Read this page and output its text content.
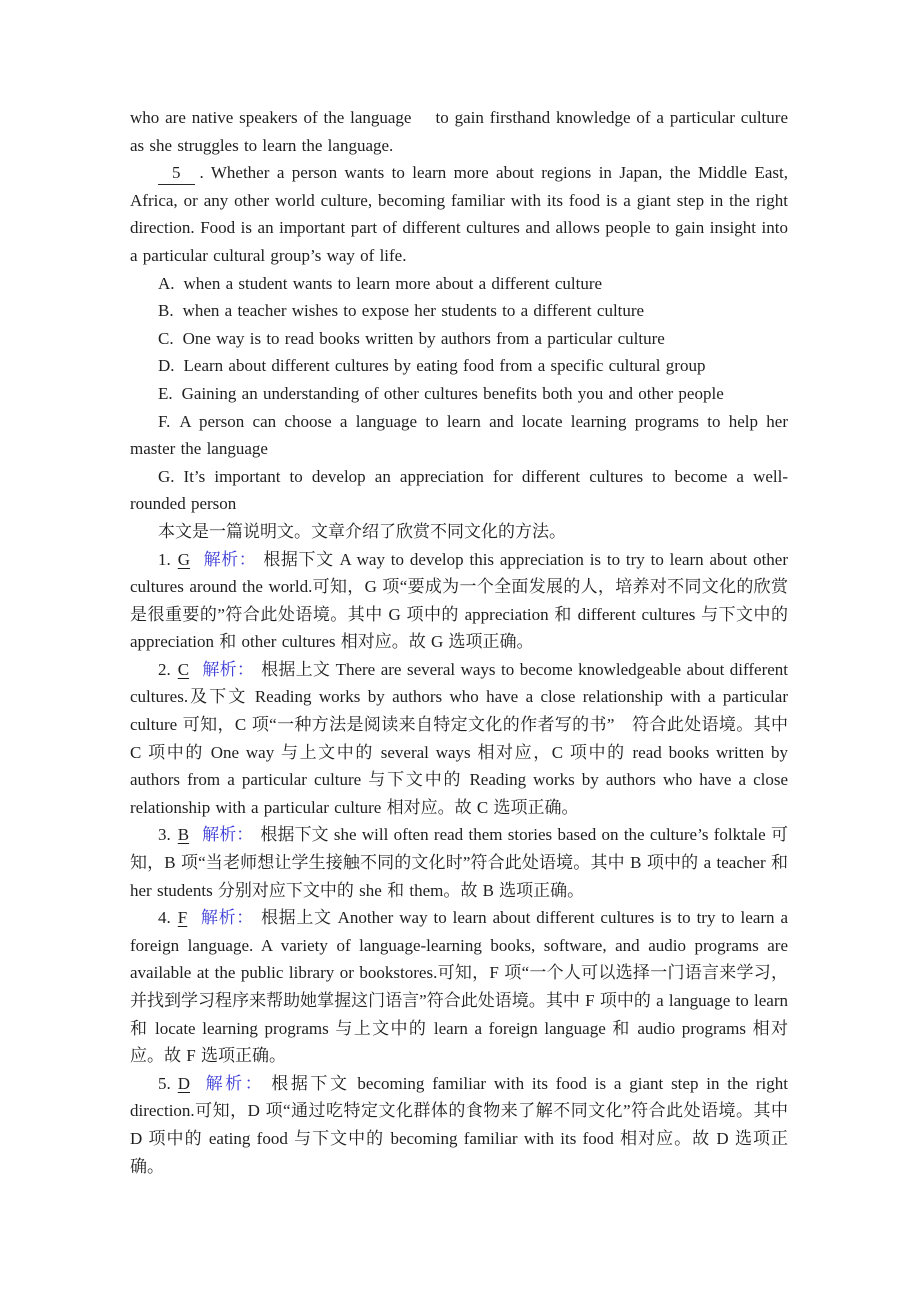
who are native speakers of the language　 to gain firsthand knowledge of a particular culture as she struggles to learn the language.

5 . Whether a person wants to learn more about regions in Japan, the Middle East, Africa, or any other world culture, becoming familiar with its food is a giant step in the right direction. Food is an important part of different cultures and allows people to gain insight into a particular cultural group’s way of life.

A. when a student wants to learn more about a different culture

B. when a teacher wishes to expose her students to a different culture

C. One way is to read books written by authors from a particular culture

D. Learn about different cultures by eating food from a specific cultural group

E. Gaining an understanding of other cultures benefits both you and other people

F. A person can choose a language to learn and locate learning programs to help her master the language

G. It’s important to develop an appreciation for different cultures to become a well-rounded person

本文是一篇说明文。文章介绍了欣赏不同文化的方法。

1. G 解析： 根据下文 A way to develop this appreciation is to try to learn about other cultures around the world.可知，G 项“要成为一个全面发展的人，培养对不同文化的欣赏是很重要的”符合此处语境。其中 G 项中的 appreciation 和 different cultures 与下文中的 appreciation 和 other cultures 相对应。故 G 选项正确。

2. C 解析： 根据上文 There are several ways to become knowledgeable about different cultures.及下文 Reading works by authors who have a close relationship with a particular culture 可知，C 项“一种方法是阅读来自特定文化的作者写的书”　符合此处语境。其中 C 项中的 One way 与上文中的 several ways 相对应，C 项中的 read books written by authors from a particular culture 与下文中的 Reading works by authors who have a close relationship with a particular culture 相对应。故 C 选项正确。

3. B 解析： 根据下文 she will often read them stories based on the culture’s folktale 可知，B 项“当老师想让学生接触不同的文化时”符合此处语境。其中 B 项中的 a teacher 和 her students 分别对应下文中的 she 和 them。故 B 选项正确。

4. F 解析： 根据上文 Another way to learn about different cultures is to try to learn a foreign language. A variety of language-learning books, software, and audio programs are available at the public library or bookstores.可知，F 项“一个人可以选择一门语言来学习，并找到学习程序来帮助她掌握这门语言”符合此处语境。其中 F 项中的 a language to learn 和 locate learning programs 与上文中的 learn a foreign language 和 audio programs 相对应。故 F 选项正确。

5. D 解析： 根据下文 becoming familiar with its food is a giant step in the right direction.可知，D 项“通过吃特定文化群体的食物来了解不同文化”符合此处语境。其中 D 项中的 eating food 与下文中的 becoming familiar with its food 相对应。故 D 选项正确。
